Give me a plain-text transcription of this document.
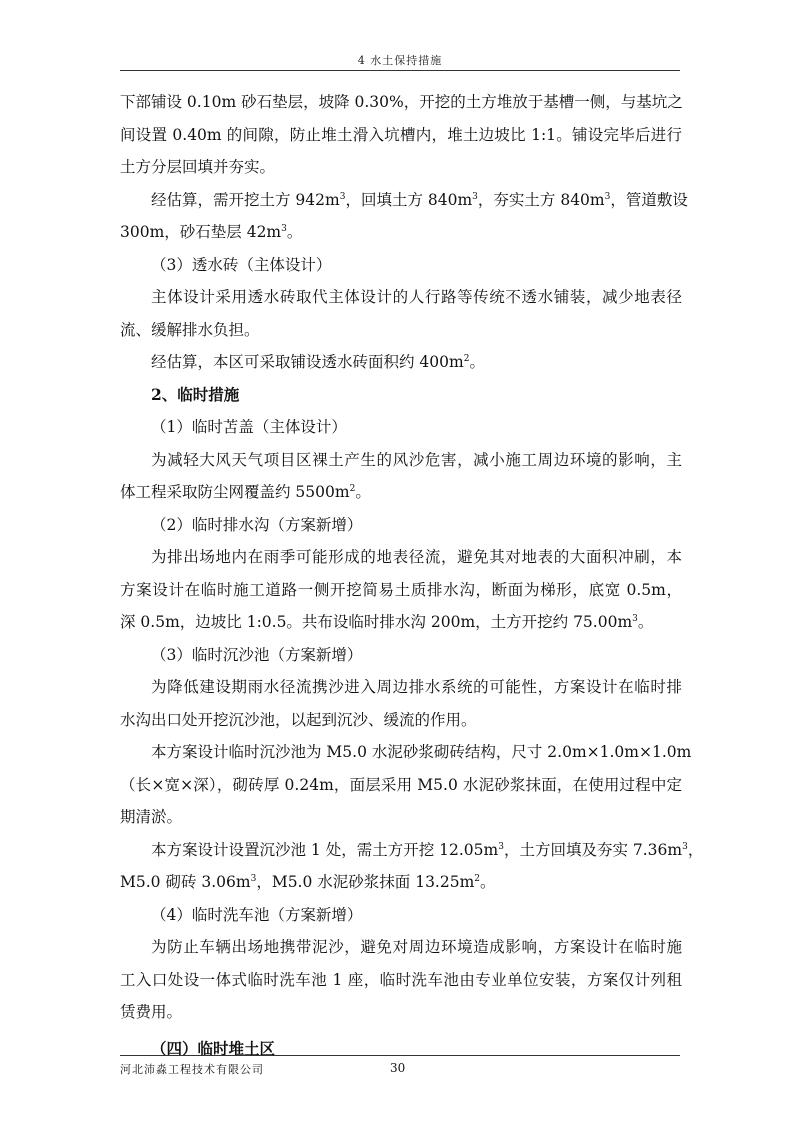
4 水土保持措施
下部铺设 0.10m 砂石垫层，坡降 0.30%，开挖的土方堆放于基槽一侧，与基坑之
间设置 0.40m 的间隙，防止堆土滑入坑槽内，堆土边坡比 1:1。铺设完毕后进行
土方分层回填并夯实。
经估算，需开挖土方 $942m^3$，回填土方 $840m^3$，夯实土方 $840m^3$，管道敷设
300m，砂石垫层 $42m^3$。
（3）透水砖（主体设计）
主体设计采用透水砖取代主体设计的人行路等传统不透水铺装，减少地表径
流、缓解排水负担。
经估算，本区可采取铺设透水砖面积约 $400m^2$。
2、临时措施
（1）临时苫盖（主体设计）
为减轻大风天气项目区裸土产生的风沙危害，减小施工周边环境的影响，主
体工程采取防尘网覆盖约 $5500m^2$。
（2）临时排水沟（方案新增）
为排出场地内在雨季可能形成的地表径流，避免其对地表的大面积冲刷，本
方案设计在临时施工道路一侧开挖简易土质排水沟，断面为梯形，底宽 0.5m，
深 0.5m，边坡比 1:0.5。共布设临时排水沟 200m，土方开挖约 $75.00m^3$。
（3）临时沉沙池（方案新增）
为降低建设期雨水径流携沙进入周边排水系统的可能性，方案设计在临时排
水沟出口处开挖沉沙池，以起到沉沙、缓流的作用。
本方案设计临时沉沙池为 M5.0 水泥砂浆砌砖结构，尺寸 2.0m×1.0m×1.0m
（长×宽×深），砌砖厚 0.24m，面层采用 M5.0 水泥砂浆抹面，在使用过程中定
期清淤。
本方案设计设置沉沙池 1 处，需土方开挖 $12.05m^3$，土方回填及夯实 $7.36m^3$，
M5.0 砌砖 $3.06m^3$，M5.0 水泥砂浆抹面 $13.25m^2$。
（4）临时洗车池（方案新增）
为防止车辆出场地携带泥沙，避免对周边环境造成影响，方案设计在临时施
工入口处设一体式临时洗车池 1 座，临时洗车池由专业单位安装，方案仅计列租
赁费用。
（四）临时堆土区
河北沛淼工程技术有限公司	30
